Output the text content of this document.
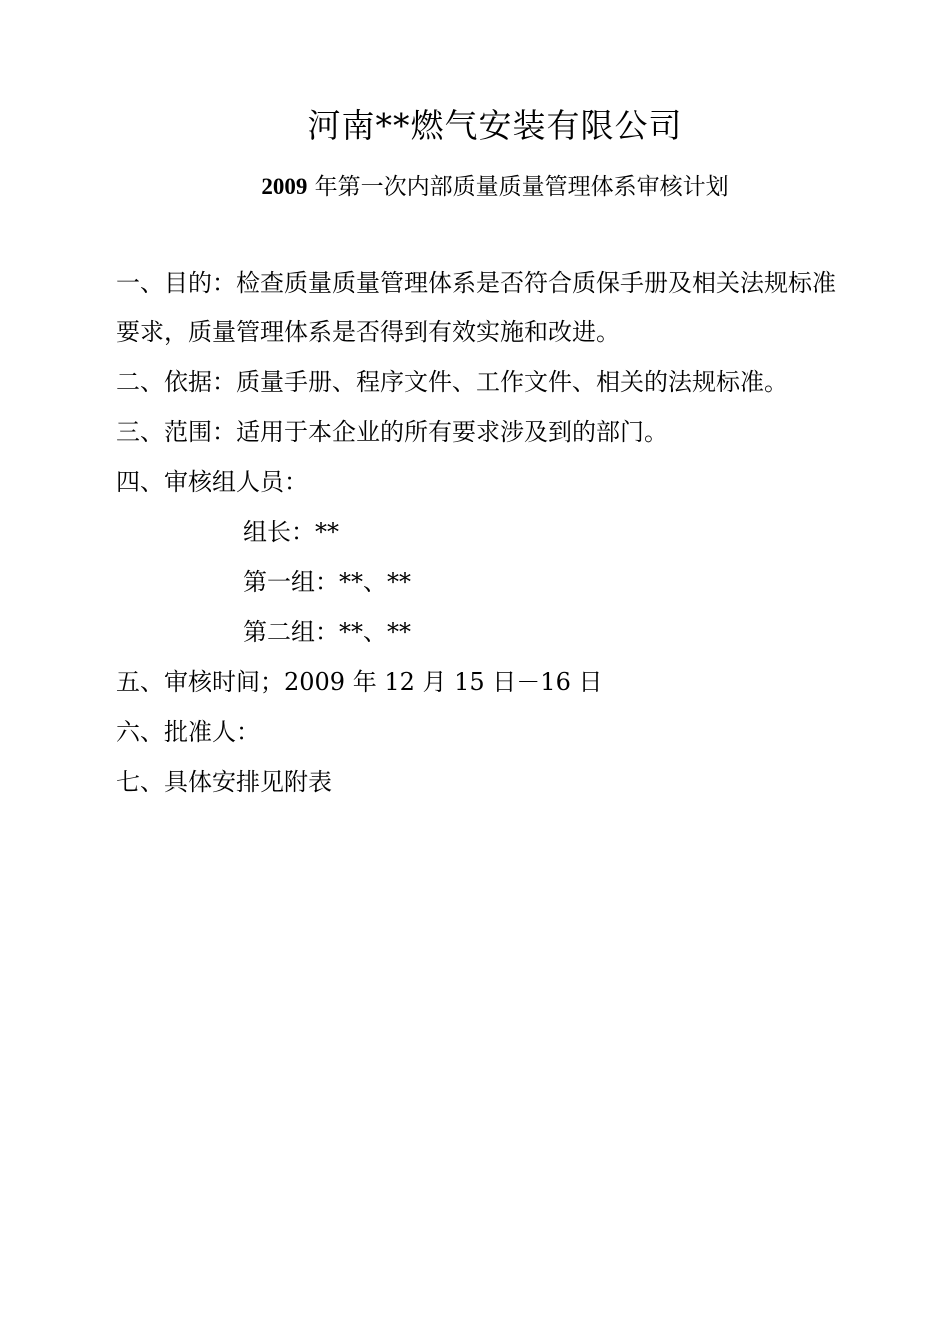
河南**燃气安装有限公司
2009 年第一次内部质量质量管理体系审核计划
一、目的：检查质量质量管理体系是否符合质保手册及相关法规标准
要求，质量管理体系是否得到有效实施和改进。
二、依据：质量手册、程序文件、工作文件、相关的法规标准。
三、范围：适用于本企业的所有要求涉及到的部门。
四、审核组人员：
组长：**
第一组：**、**
第二组：**、**
五、审核时间；2009 年 12 月 15 日－16 日
六、批准人：
七、具体安排见附表
